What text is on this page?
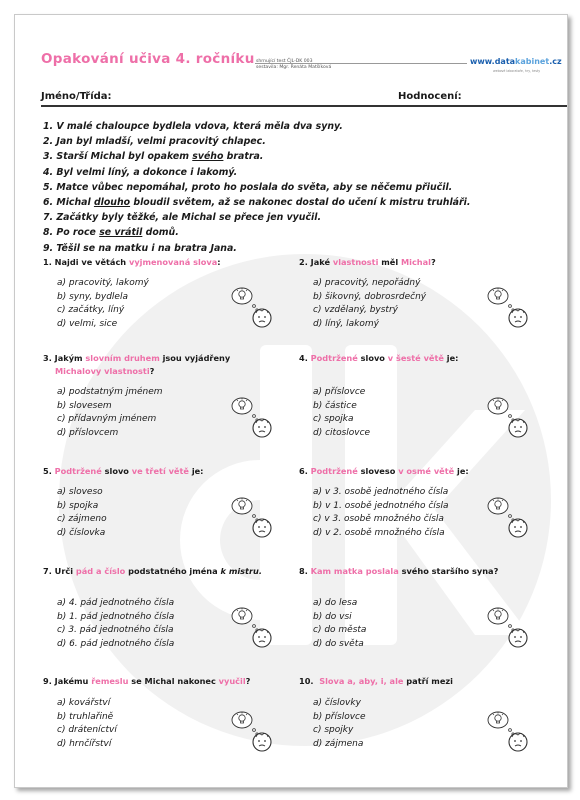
Opakování učiva 4. ročníku shrnující test ČJL-DK 003
sestavila: Mgr. Renáta Matšíková
www.datakabinet.cz
webové laboratoře, hry, testy
Jméno/Třída:	Hodnocení:
1. V malé chaloupce bydlela vdova, která měla dva syny.
2. Jan byl mladší, velmi pracovitý chlapec.
3. Starší Michal byl opakem svého bratra.
4. Byl velmi líný, a dokonce i lakomý.
5. Matce vůbec nepomáhal, proto ho poslala do světa, aby se něčemu přiučil.
6. Michal dlouho bloudil světem, až se nakonec dostal do učení k mistru truhláři.
7. Začátky byly těžké, ale Michal se přece jen vyučil.
8. Po roce se vrátil domů.
9. Těšil se na matku i na bratra Jana.
1. Najdi ve větách vyjmenovaná slova:
a) pracovitý, lakomý
b) syny, bydlela
c) začátky, líný
d) velmi, sice
2. Jaké vlastnosti měl Michal?
a) pracovitý, nepořádný
b) šikovný, dobrosrdečný
c) vzdělaný, bystrý
d) líný, lakomý
3. Jakým slovním druhem jsou vyjádřeny
Michalovy vlastnosti?
a) podstatným jménem
b) slovesem
c) přídavným jménem
d) příslovcem
4. Podtržené slovo v šesté větě je:
a) příslovce
b) částice
c) spojka
d) citoslovce
5. Podtržené slovo ve třetí větě je:
a) sloveso
b) spojka
c) zájmeno
d) číslovka
6. Podtržené sloveso v osmé větě je:
a) v 3. osobě jednotného čísla
b) v 1. osobě jednotného čísla
c) v 3. osobě množného čísla
d) v 2. osobě množného čísla
7. Urči pád a číslo podstatného jména k mistru.
a) 4. pád jednotného čísla
b) 1. pád jednotného čísla
c) 3. pád jednotného čísla
d) 6. pád jednotného čísla
8. Kam matka poslala svého staršího syna?
a) do lesa
b) do vsi
c) do města
d) do světa
9. Jakému řemeslu se Michal nakonec vyučil?
a) kovářství
b) truhlařině
c) dráteníctví
d) hrnčířství
10. Slova a, aby, i, ale patří mezi
a) číslovky
b) příslovce
c) spojky
d) zájmena
